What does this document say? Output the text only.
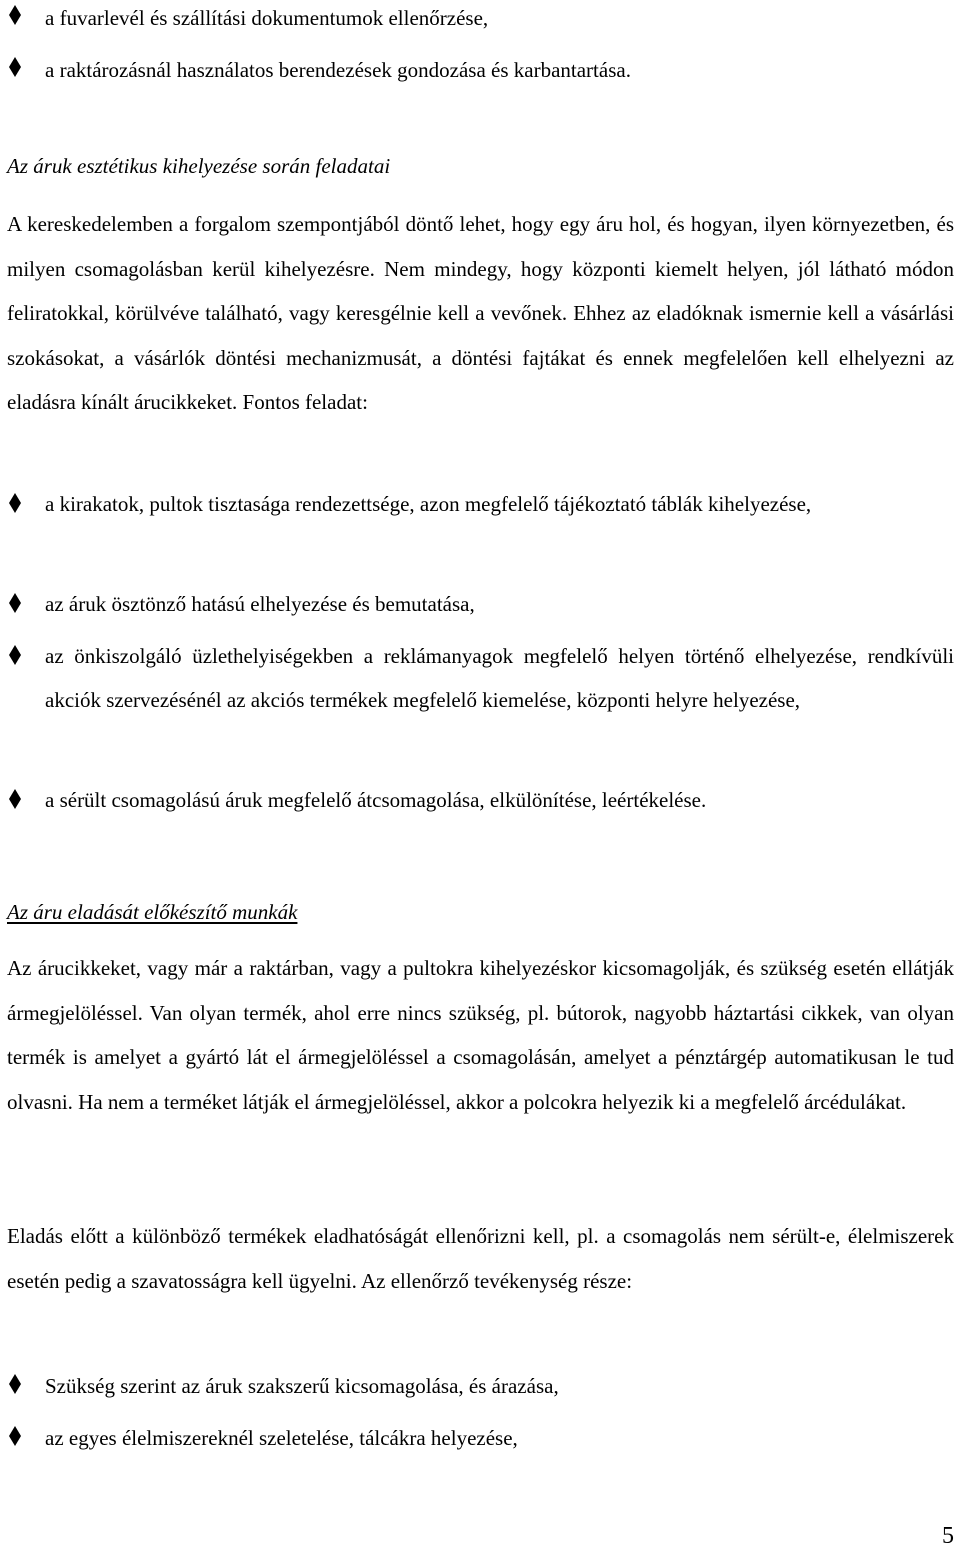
a fuvarlevél és szállítási dokumentumok ellenőrzése,
a raktározásnál használatos berendezések gondozása és karbantartása.
Az áruk esztétikus kihelyezése során feladatai
A kereskedelemben a forgalom szempontjából döntő lehet, hogy egy áru hol, és hogyan, ilyen környezetben, és milyen csomagolásban kerül kihelyezésre. Nem mindegy, hogy központi kiemelt helyen, jól látható módon feliratokkal, körülvéve található, vagy keresgélnie kell a vevőnek. Ehhez az eladóknak ismernie kell a vásárlási szokásokat, a vásárlók döntési mechanizmusát, a döntési fajtákat és ennek megfelelően kell elhelyezni az eladásra kínált árucikkeket. Fontos feladat:
a kirakatok, pultok tisztasága rendezettsége, azon megfelelő tájékoztató táblák kihelyezése,
az áruk ösztönző hatású elhelyezése és bemutatása,
az önkiszolgáló üzlethelyiségekben a reklámanyagok megfelelő helyen történő elhelyezése, rendkívüli akciók szervezésénél az akciós termékek megfelelő kiemelése, központi helyre helyezése,
a sérült csomagolású áruk megfelelő átcsomagolása, elkülönítése, leértékelése.
Az áru eladását előkészítő munkák
Az árucikkeket, vagy már a raktárban, vagy a pultokra kihelyezéskor kicsomagolják, és szükség esetén ellátják ármegjelöléssel. Van olyan termék, ahol erre nincs szükség, pl. bútorok, nagyobb háztartási cikkek, van olyan termék is amelyet a gyártó lát el ármegjelöléssel a csomagolásán, amelyet a pénztárgép automatikusan le tud olvasni. Ha nem a terméket látják el ármegjelöléssel, akkor a polcokra helyezik ki a megfelelő árcédulákat.
Eladás előtt a különböző termékek eladhatóságát ellenőrizni kell, pl. a csomagolás nem sérült-e, élelmiszerek esetén pedig a szavatosságra kell ügyelni. Az ellenőrző tevékenység része:
Szükség szerint az áruk szakszerű kicsomagolása, és árazása,
az egyes élelmiszereknél szeletelése, tálcákra helyezése,
5
